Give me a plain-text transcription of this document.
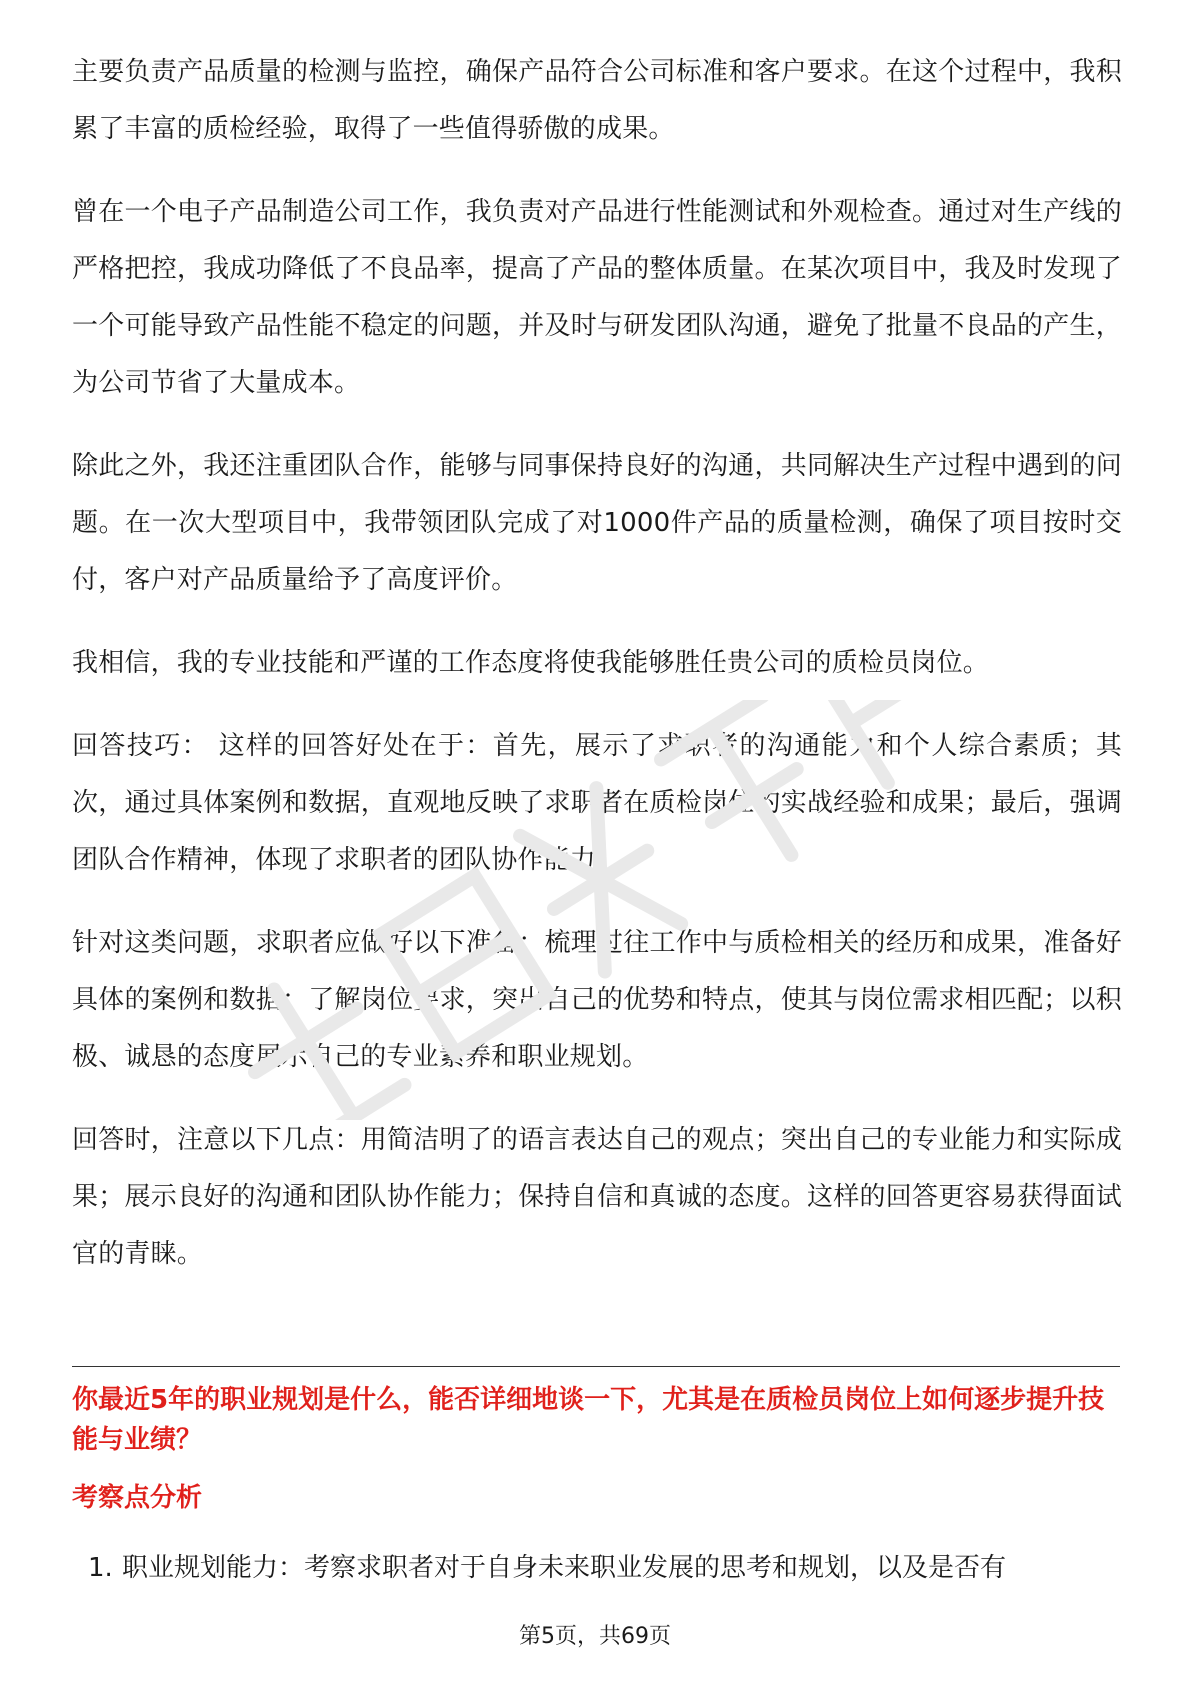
主要负责产品质量的检测与监控，确保产品符合公司标准和客户要求。在这个过程中，我积累了丰富的质检经验，取得了一些值得骄傲的成果。

曾在一个电子产品制造公司工作，我负责对产品进行性能测试和外观检查。通过对生产线的严格把控，我成功降低了不良品率，提高了产品的整体质量。在某次项目中，我及时发现了一个可能导致产品性能不稳定的问题，并及时与研发团队沟通，避免了批量不良品的产生，为公司节省了大量成本。

除此之外，我还注重团队合作，能够与同事保持良好的沟通，共同解决生产过程中遇到的问题。在一次大型项目中，我带领团队完成了对1000件产品的质量检测，确保了项目按时交付，客户对产品质量给予了高度评价。

我相信，我的专业技能和严谨的工作态度将使我能够胜任贵公司的质检员岗位。

回答技巧： 这样的回答好处在于：首先，展示了求职者的沟通能力和个人综合素质；其次，通过具体案例和数据，直观地反映了求职者在质检岗位的实战经验和成果；最后，强调团队合作精神，体现了求职者的团队协作能力。

针对这类问题，求职者应做好以下准备：梳理过往工作中与质检相关的经历和成果，准备好具体的案例和数据；了解岗位要求，突出自己的优势和特点，使其与岗位需求相匹配；以积极、诚恳的态度展示自己的专业素养和职业规划。

回答时，注意以下几点：用简洁明了的语言表达自己的观点；突出自己的专业能力和实际成果；展示良好的沟通和团队协作能力；保持自信和真诚的态度。这样的回答更容易获得面试官的青睐。

你最近5年的职业规划是什么，能否详细地谈一下，尤其是在质检员岗位上如何逐步提升技能与业绩？

考察点分析

1. 职业规划能力：考察求职者对于自身未来职业发展的思考和规划，以及是否有

第5页，共69页
